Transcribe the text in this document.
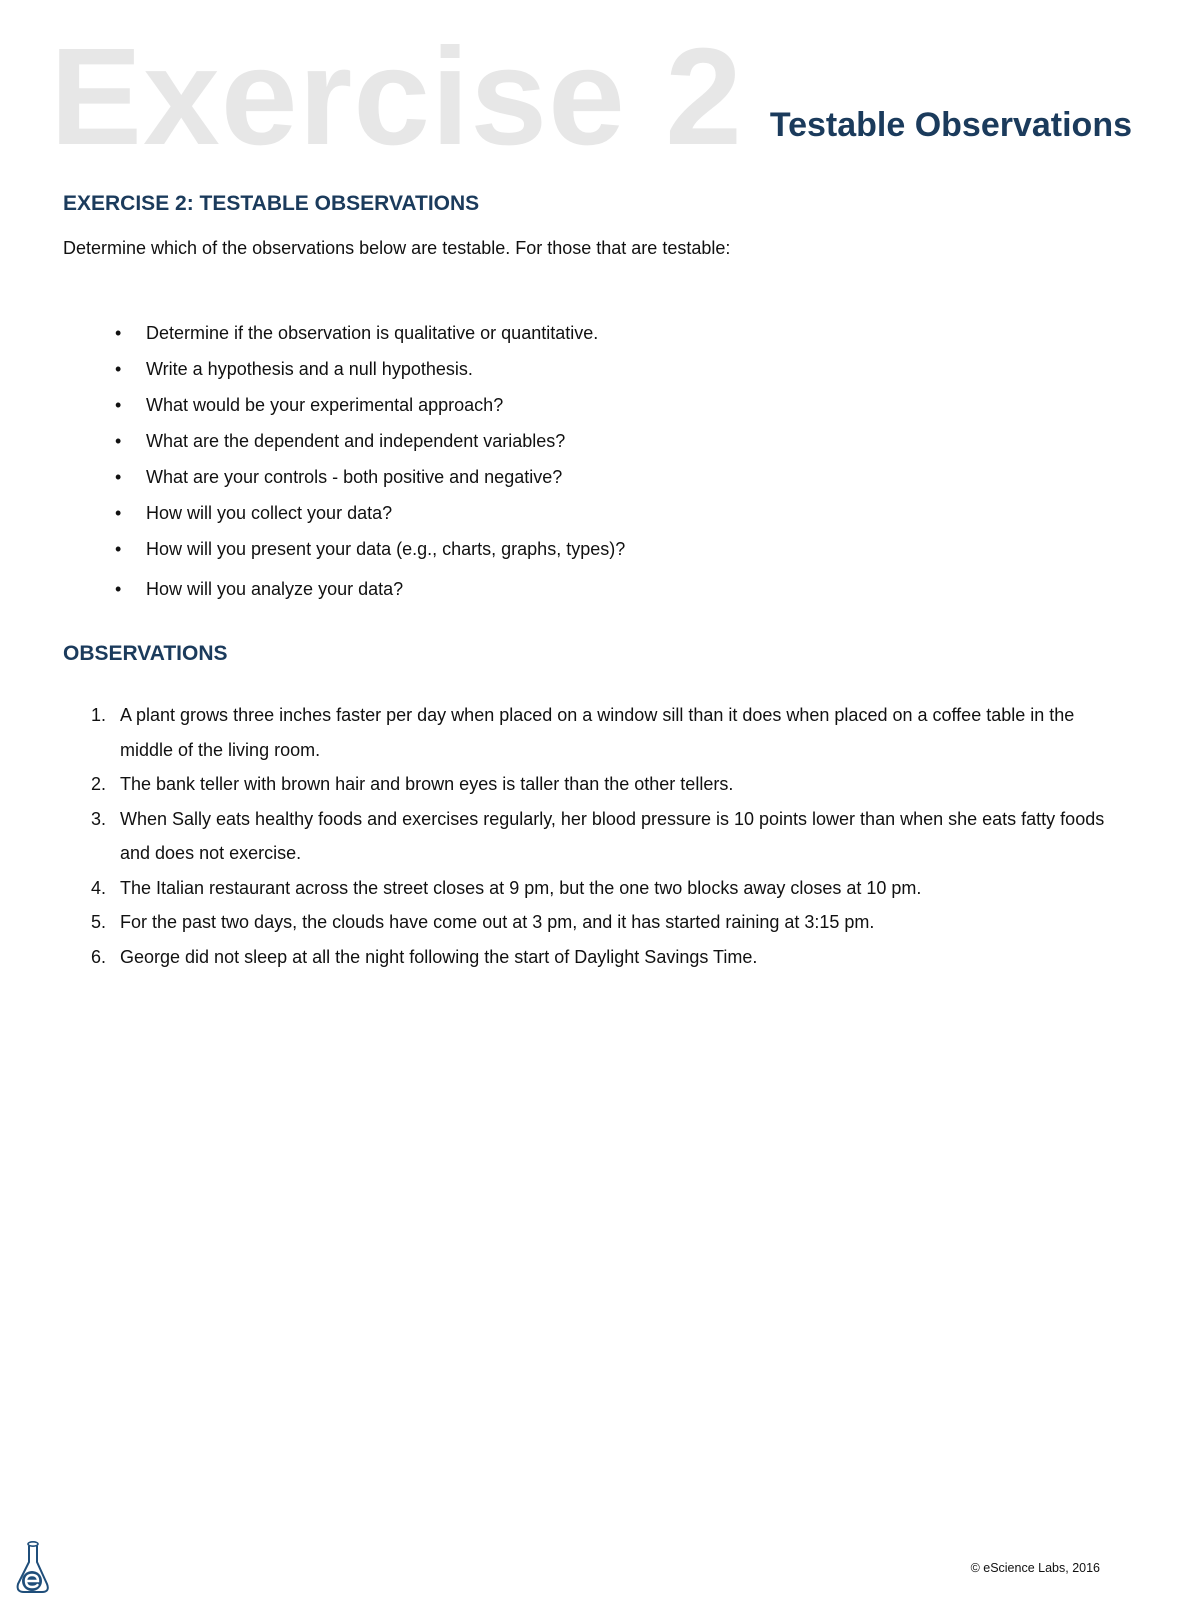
Exercise 2 Testable Observations
EXERCISE 2: TESTABLE OBSERVATIONS
Determine which of the observations below are testable. For those that are testable:
•	Determine if the observation is qualitative or quantitative.
•	Write a hypothesis and a null hypothesis.
•	What would be your experimental approach?
•	What are the dependent and independent variables?
•	What are your controls - both positive and negative?
•	How will you collect your data?
•	How will you present your data (e.g., charts, graphs, types)?
•	How will you analyze your data?
OBSERVATIONS
1. A plant grows three inches faster per day when placed on a window sill than it does when placed on a coffee table in the middle of the living room.
2. The bank teller with brown hair and brown eyes is taller than the other tellers.
3. When Sally eats healthy foods and exercises regularly, her blood pressure is 10 points lower than when she eats fatty foods and does not exercise.
4. The Italian restaurant across the street closes at 9 pm, but the one two blocks away closes at 10 pm.
5. For the past two days, the clouds have come out at 3 pm, and it has started raining at 3:15 pm.
6. George did not sleep at all the night following the start of Daylight Savings Time.
© eScience Labs, 2016
